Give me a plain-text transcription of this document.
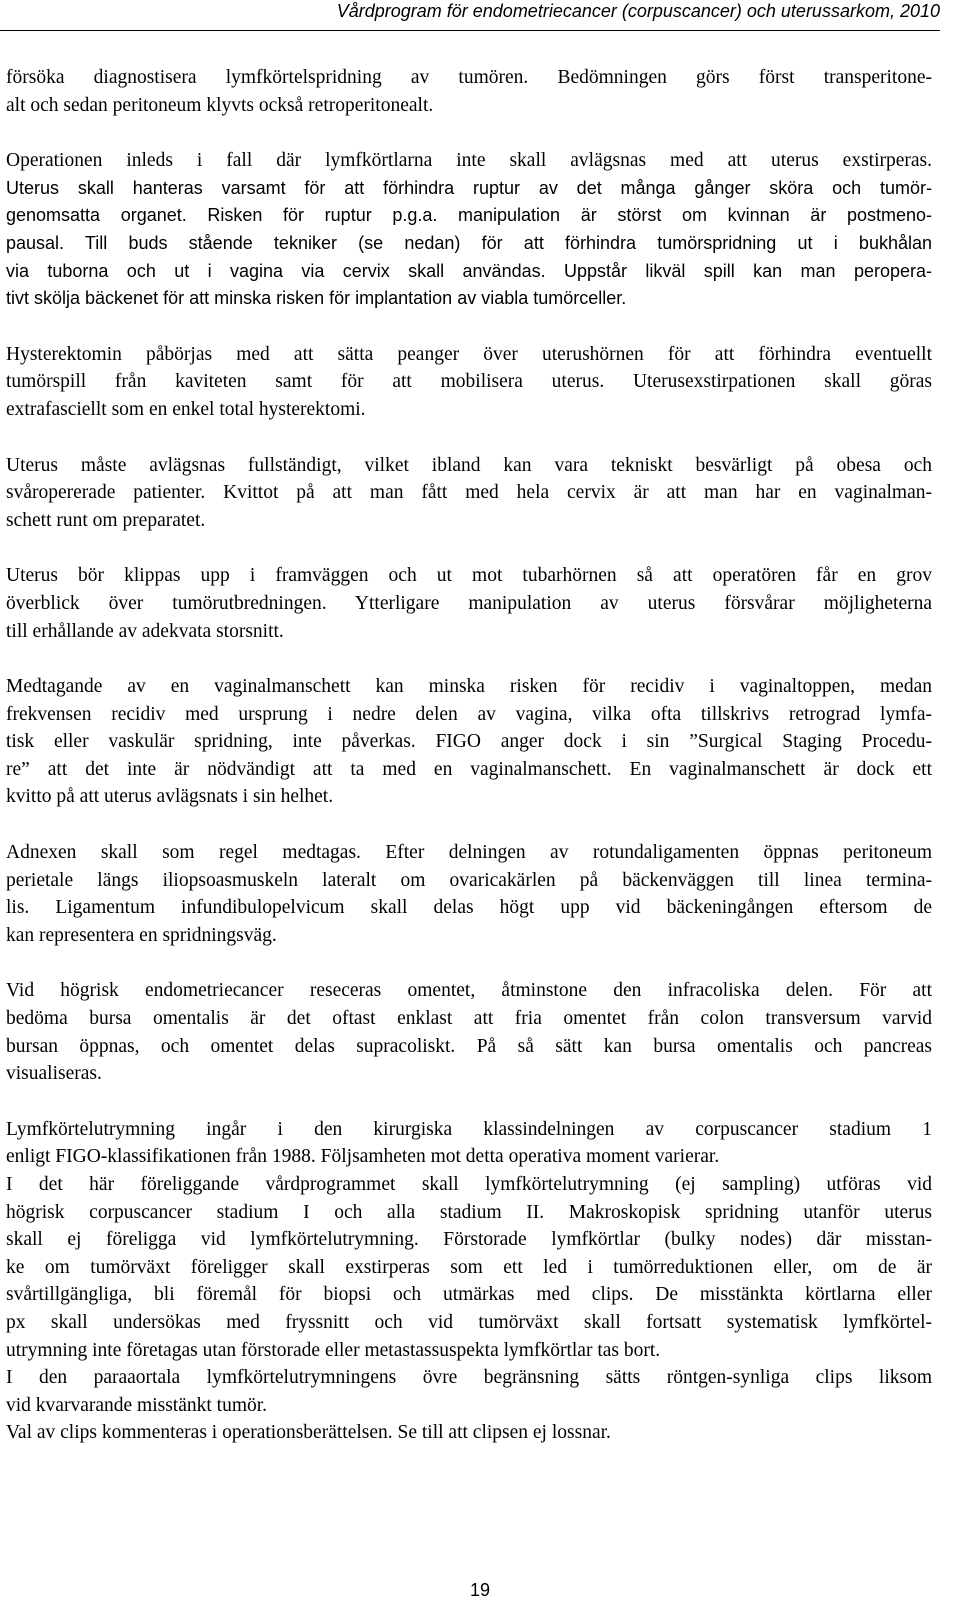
Vårdprogram för endometriecancer (corpuscancer) och uterussarkom, 2010
försöka diagnostisera lymfkörtelspridning av tumören. Bedömningen görs först transperitone-
alt och sedan peritoneum klyvts också retroperitonealt.
Operationen inleds i fall där lymfkörtlarna inte skall avlägsnas med att uterus exstirperas.
Uterus skall hanteras varsamt för att förhindra ruptur av det många gånger sköra och tumör-
genomsatta organet. Risken för ruptur p.g.a. manipulation är störst om kvinnan är postmeno-
pausal. Till buds stående tekniker (se nedan) för att förhindra tumörspridning ut i bukhålan
via tuborna och ut i vagina via cervix skall användas. Uppstår likväl spill kan man peropera-
tivt skölja bäckenet för att minska risken för implantation av viabla tumörceller.
Hysterektomin påbörjas med att sätta peanger över uterushörnen för att förhindra eventuellt
tumörspill från kaviteten samt för att mobilisera uterus. Uterusexstirpationen skall göras
extrafasciellt som en enkel total hysterektomi.
Uterus måste avlägsnas fullständigt, vilket ibland kan vara tekniskt besvärligt på obesa och
svåropererade patienter. Kvittot på att man fått med hela cervix är att man har en vaginalman-
schett runt om preparatet.
Uterus bör klippas upp i framväggen och ut mot tubarhörnen så att operatören får en grov
överblick över tumörutbredningen. Ytterligare manipulation av uterus försvårar möjligheterna
till erhållande av adekvata storsnitt.
Medtagande av en vaginalmanschett kan minska risken för recidiv i vaginaltoppen, medan
frekvensen recidiv med ursprung i nedre delen av vagina, vilka ofta tillskrivs retrograd lymfa-
tisk eller vaskulär spridning, inte påverkas. FIGO anger dock i sin ”Surgical Staging Procedu-
re” att det inte är nödvändigt att ta med en vaginalmanschett. En vaginalmanschett är dock ett
kvitto på att uterus avlägsnats i sin helhet.
Adnexen skall som regel medtagas. Efter delningen av rotundaligamenten öppnas peritoneum
perietale längs iliopsoasmuskeln lateralt om ovaricakärlen på bäckenväggen till linea termina-
lis. Ligamentum infundibulopelvicum skall delas högt upp vid bäckeningången eftersom de
kan representera en spridningsväg.
Vid högrisk endometriecancer reseceras omentet, åtminstone den infracoliska delen. För att
bedöma bursa omentalis är det oftast enklast att fria omentet från colon transversum varvid
bursan öppnas, och omentet delas supracoliskt. På så sätt kan bursa omentalis och pancreas
visualiseras.
Lymfkörtelutrymning ingår i den kirurgiska klassindelningen av corpuscancer stadium 1
enligt FIGO-klassifikationen från 1988. Följsamheten mot detta operativa moment varierar.
I det här föreliggande vårdprogrammet skall lymfkörtelutrymning (ej sampling) utföras vid
högrisk corpuscancer stadium I och alla stadium II. Makroskopisk spridning utanför uterus
skall ej föreligga vid lymfkörtelutrymning. Förstorade lymfkörtlar (bulky nodes) där misstan-
ke om tumörväxt föreligger skall exstirperas som ett led i tumörreduktionen eller, om de är
svårtillgängliga, bli föremål för biopsi och utmärkas med clips. De misstänkta körtlarna eller
px skall undersökas med fryssnitt och vid tumörväxt skall fortsatt systematisk lymfkörtel-
utrymning inte företagas utan förstorade eller metastassuspekta lymfkörtlar tas bort.
I den paraaortala lymfkörtelutrymningens övre begränsning sätts röntgen-synliga clips liksom
vid kvarvarande misstänkt tumör.
Val av clips kommenteras i operationsberättelsen. Se till att clipsen ej lossnar.
19
